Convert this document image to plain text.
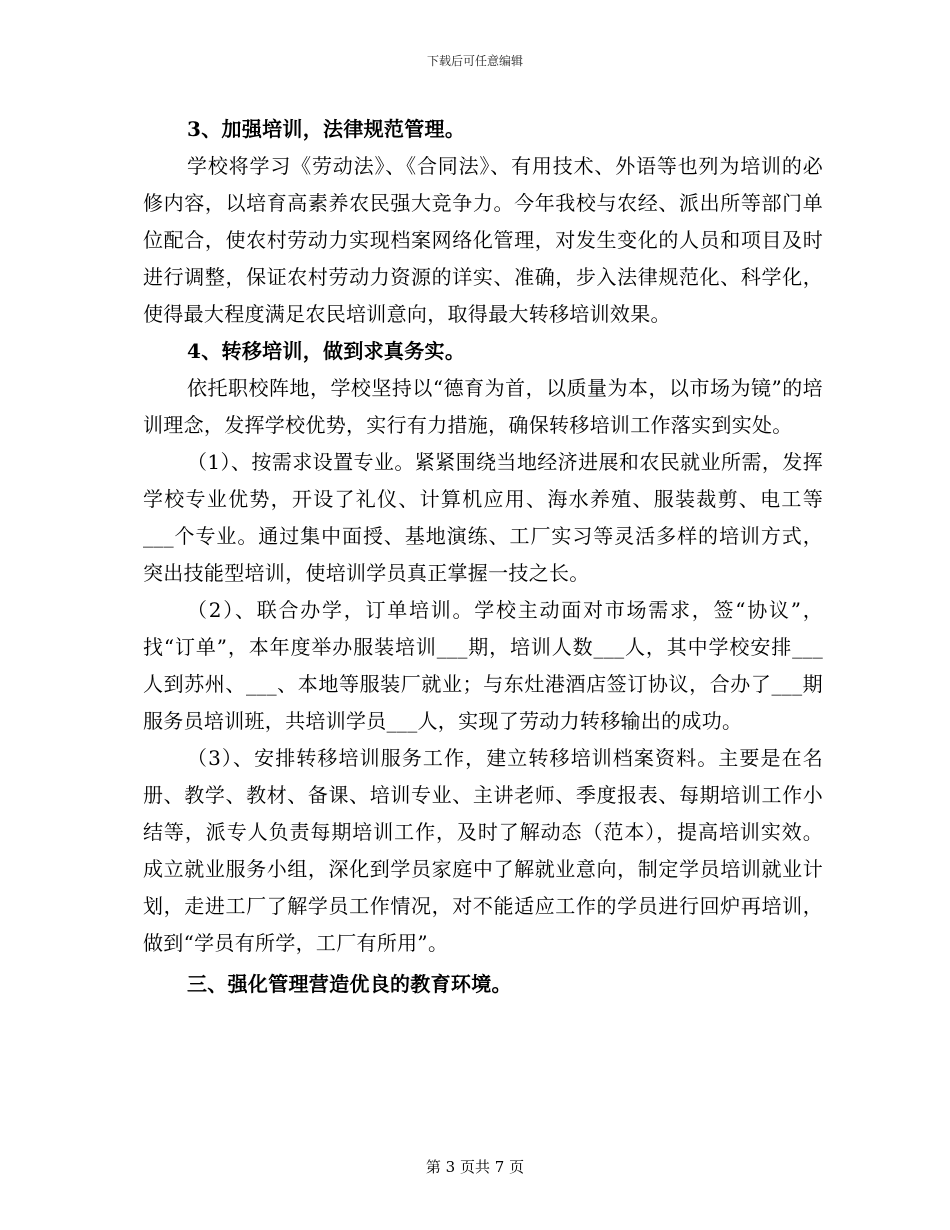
下载后可任意编辑
3、加强培训，法律规范管理。

学校将学习《劳动法》、《合同法》、有用技术、外语等也列为培训的必修内容，以培育高素养农民强大竞争力。今年我校与农经、派出所等部门单位配合，使农村劳动力实现档案网络化管理，对发生变化的人员和项目及时进行调整，保证农村劳动力资源的详实、准确，步入法律规范化、科学化，使得最大程度满足农民培训意向，取得最大转移培训效果。

4、转移培训，做到求真务实。

依托职校阵地，学校坚持以“德育为首，以质量为本，以市场为镜”的培训理念，发挥学校优势，实行有力措施，确保转移培训工作落实到实处。

（1）、按需求设置专业。紧紧围绕当地经济进展和农民就业所需，发挥学校专业优势，开设了礼仪、计算机应用、海水养殖、服装裁剪、电工等___个专业。通过集中面授、基地演练、工厂实习等灵活多样的培训方式，突出技能型培训，使培训学员真正掌握一技之长。

（2）、联合办学，订单培训。学校主动面对市场需求，签“协议”，找“订单”，本年度举办服装培训___期，培训人数___人，其中学校安排___人到苏州、___、本地等服装厂就业；与东灶港酒店签订协议，合办了___期服务员培训班，共培训学员___人，实现了劳动力转移输出的成功。

（3）、安排转移培训服务工作，建立转移培训档案资料。主要是在名册、教学、教材、备课、培训专业、主讲老师、季度报表、每期培训工作小结等，派专人负责每期培训工作，及时了解动态（范本），提高培训实效。成立就业服务小组，深化到学员家庭中了解就业意向，制定学员培训就业计划，走进工厂了解学员工作情况，对不能适应工作的学员进行回炉再培训，做到“学员有所学，工厂有所用”。

三、强化管理营造优良的教育环境。
第 3 页共 7 页
